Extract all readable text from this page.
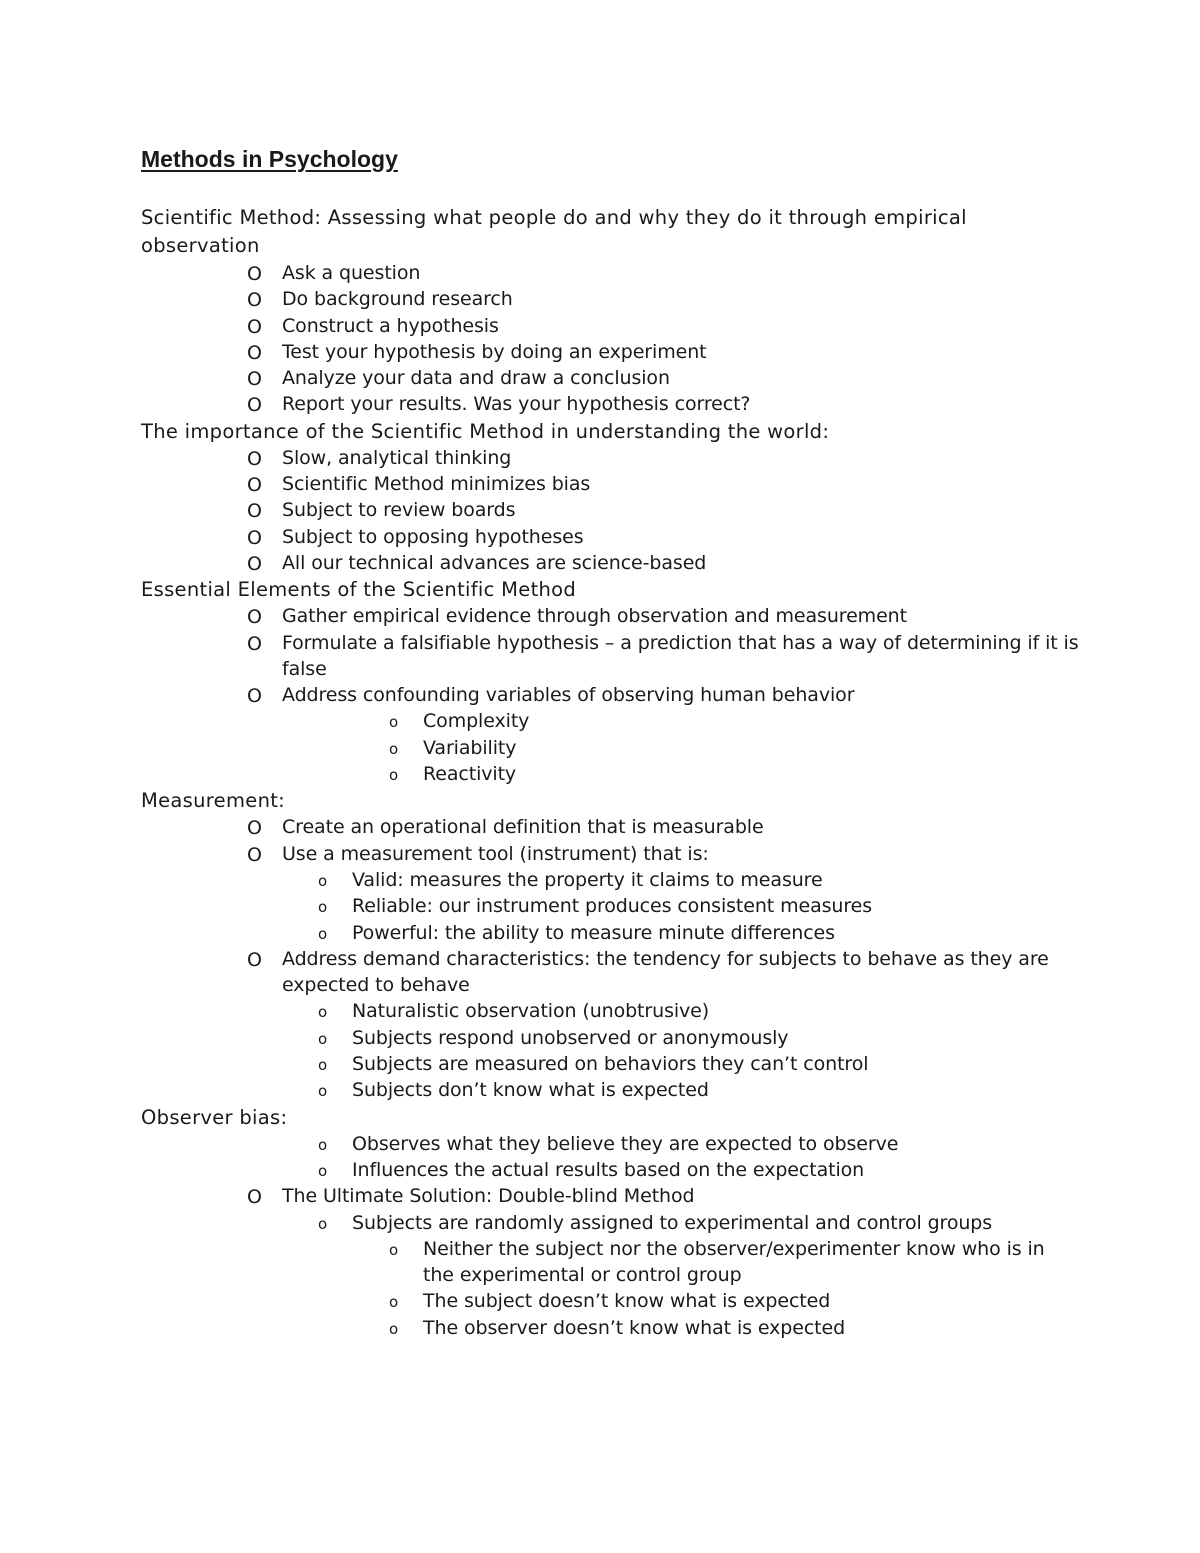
Methods in Psychology

Scientific Method: Assessing what people do and why they do it through empirical observation

O Ask a question
O Do background research
O Construct a hypothesis
O Test your hypothesis by doing an experiment
O Analyze your data and draw a conclusion
O Report your results. Was your hypothesis correct?

The importance of the Scientific Method in understanding the world:

O Slow, analytical thinking
O Scientific Method minimizes bias
O Subject to review boards
O Subject to opposing hypotheses
O All our technical advances are science-based

Essential Elements of the Scientific Method

O Gather empirical evidence through observation and measurement
O Formulate a falsifiable hypothesis – a prediction that has a way of determining if it is false
O Address confounding variables of observing human behavior
o Complexity
o Variability
o Reactivity

Measurement:

O Create an operational definition that is measurable
O Use a measurement tool (instrument) that is:
o Valid: measures the property it claims to measure
o Reliable: our instrument produces consistent measures
o Powerful: the ability to measure minute differences
O Address demand characteristics: the tendency for subjects to behave as they are expected to behave
o Naturalistic observation (unobtrusive)
o Subjects respond unobserved or anonymously
o Subjects are measured on behaviors they can’t control
o Subjects don’t know what is expected

Observer bias:

o Observes what they believe they are expected to observe
o Influences the actual results based on the expectation
O The Ultimate Solution: Double-blind Method
o Subjects are randomly assigned to experimental and control groups
o Neither the subject nor the observer/experimenter know who is in the experimental or control group
o The subject doesn’t know what is expected
o The observer doesn’t know what is expected
